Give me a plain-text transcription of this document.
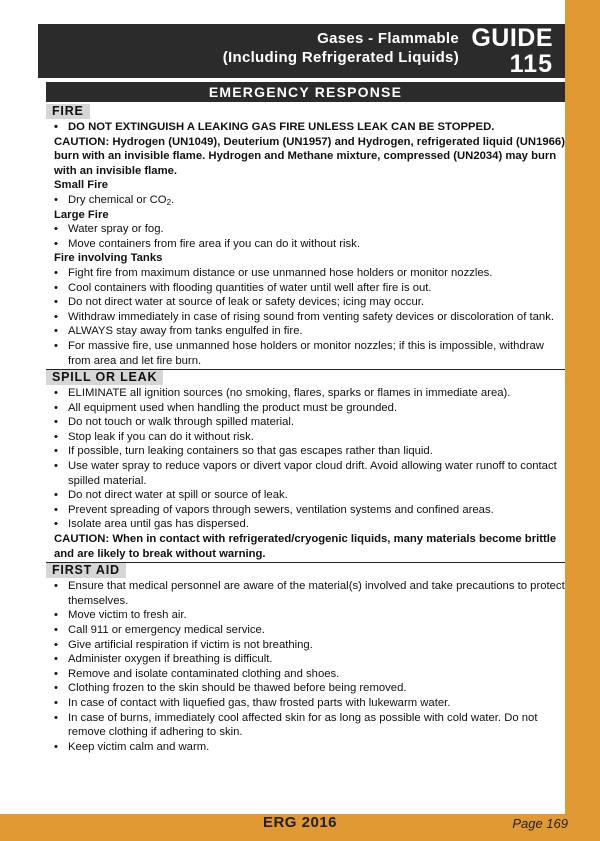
Gases - Flammable
(Including Refrigerated Liquids)
GUIDE
115
EMERGENCY RESPONSE
FIRE
• DO NOT EXTINGUISH A LEAKING GAS FIRE UNLESS LEAK CAN BE STOPPED.
CAUTION: Hydrogen (UN1049), Deuterium (UN1957) and Hydrogen, refrigerated liquid (UN1966) burn with an invisible flame. Hydrogen and Methane mixture, compressed (UN2034) may burn with an invisible flame.
Small Fire
• Dry chemical or $CO_2$.
Large Fire
• Water spray or fog.
• Move containers from fire area if you can do it without risk.
Fire involving Tanks
• Fight fire from maximum distance or use unmanned hose holders or monitor nozzles.
• Cool containers with flooding quantities of water until well after fire is out.
• Do not direct water at source of leak or safety devices; icing may occur.
• Withdraw immediately in case of rising sound from venting safety devices or discoloration of tank.
• ALWAYS stay away from tanks engulfed in fire.
• For massive fire, use unmanned hose holders or monitor nozzles; if this is impossible, withdraw from area and let fire burn.
SPILL OR LEAK
• ELIMINATE all ignition sources (no smoking, flares, sparks or flames in immediate area).
• All equipment used when handling the product must be grounded.
• Do not touch or walk through spilled material.
• Stop leak if you can do it without risk.
• If possible, turn leaking containers so that gas escapes rather than liquid.
• Use water spray to reduce vapors or divert vapor cloud drift. Avoid allowing water runoff to contact spilled material.
• Do not direct water at spill or source of leak.
• Prevent spreading of vapors through sewers, ventilation systems and confined areas.
• Isolate area until gas has dispersed.
CAUTION: When in contact with refrigerated/cryogenic liquids, many materials become brittle and are likely to break without warning.
FIRST AID
• Ensure that medical personnel are aware of the material(s) involved and take precautions to protect themselves.
• Move victim to fresh air.
• Call 911 or emergency medical service.
• Give artificial respiration if victim is not breathing.
• Administer oxygen if breathing is difficult.
• Remove and isolate contaminated clothing and shoes.
• Clothing frozen to the skin should be thawed before being removed.
• In case of contact with liquefied gas, thaw frosted parts with lukewarm water.
• In case of burns, immediately cool affected skin for as long as possible with cold water. Do not remove clothing if adhering to skin.
• Keep victim calm and warm.
ERG 2016	Page 169
